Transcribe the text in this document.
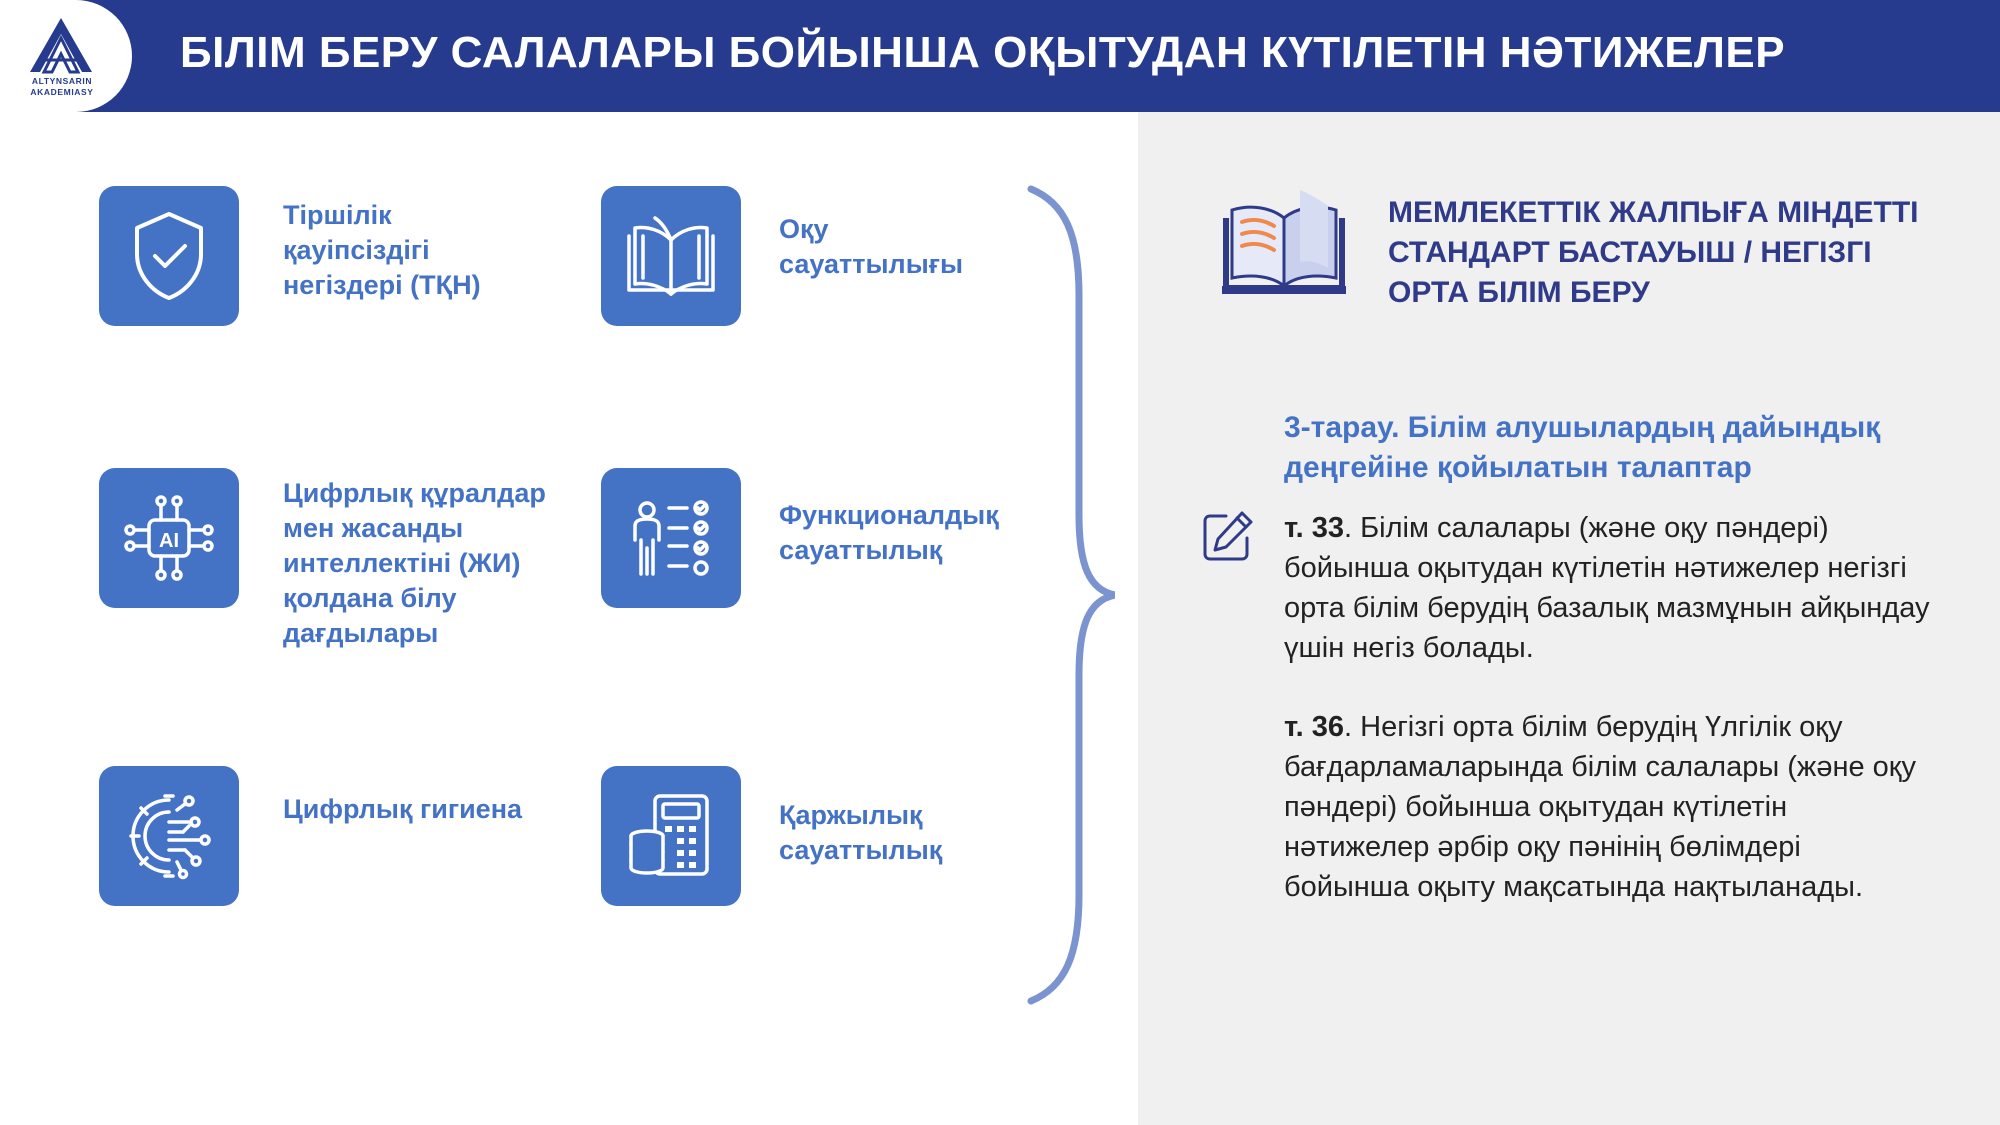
ALTYNSARIN
AKADEMIASY
БІЛІМ БЕРУ САЛАЛАРЫ БОЙЫНША ОҚЫТУДАН КҮТІЛЕТІН НӘТИЖЕЛЕР
Тіршілік қауіпсіздігі негіздері (ТҚН)
AI
Цифрлық құралдар мен жасанды интеллектіні (ЖИ) қолдана білу дағдылары
Цифрлық гигиена
Оқу сауаттылығы
Функционалдық сауаттылық
Қаржылық сауаттылық
МЕМЛЕКЕТТІК ЖАЛПЫҒА МІНДЕТТІ СТАНДАРТ БАСТАУЫШ / НЕГІЗГІ ОРТА БІЛІМ БЕРУ
3-тарау. Білім алушылардың дайындық деңгейіне қойылатын талаптар
т. 33. Білім салалары (және оқу пәндері) бойынша оқытудан күтілетін нәтижелер негізгі орта білім берудің базалық мазмұнын айқындау үшін негіз болады.
т. 36. Негізгі орта білім берудің Үлгілік оқу бағдарламаларында білім салалары (және оқу пәндері) бойынша оқытудан күтілетін нәтижелер әрбір оқу пәнінің бөлімдері бойынша оқыту мақсатында нақтыланады.
